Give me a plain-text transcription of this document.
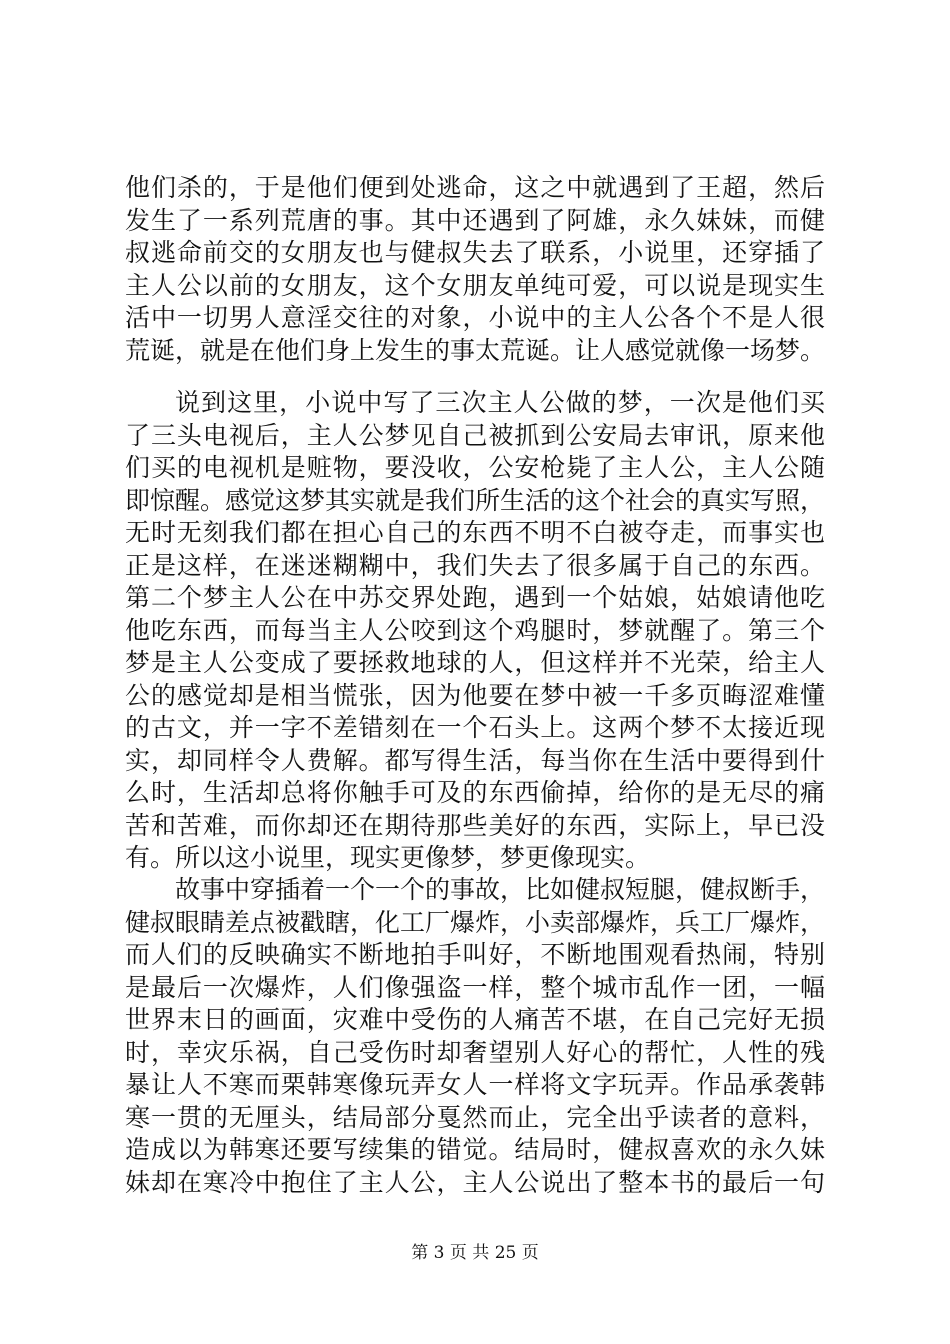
他们杀的，于是他们便到处逃命，这之中就遇到了王超，然后
发生了一系列荒唐的事。其中还遇到了阿雄，永久妹妹，而健
叔逃命前交的女朋友也与健叔失去了联系，小说里，还穿插了
主人公以前的女朋友，这个女朋友单纯可爱，可以说是现实生
活中一切男人意淫交往的对象，小说中的主人公各个不是人很
荒诞，就是在他们身上发生的事太荒诞。让人感觉就像一场梦。
说到这里，小说中写了三次主人公做的梦，一次是他们买
了三头电视后，主人公梦见自己被抓到公安局去审讯，原来他
们买的电视机是赃物，要没收，公安枪毙了主人公，主人公随
即惊醒。感觉这梦其实就是我们所生活的这个社会的真实写照，
无时无刻我们都在担心自己的东西不明不白被夺走，而事实也
正是这样，在迷迷糊糊中，我们失去了很多属于自己的东西。
第二个梦主人公在中苏交界处跑，遇到一个姑娘，姑娘请他吃
他吃东西，而每当主人公咬到这个鸡腿时，梦就醒了。第三个
梦是主人公变成了要拯救地球的人，但这样并不光荣，给主人
公的感觉却是相当慌张，因为他要在梦中被一千多页晦涩难懂
的古文，并一字不差错刻在一个石头上。这两个梦不太接近现
实，却同样令人费解。都写得生活，每当你在生活中要得到什
么时，生活却总将你触手可及的东西偷掉，给你的是无尽的痛
苦和苦难，而你却还在期待那些美好的东西，实际上，早已没
有。 所以这小说里，现实更像梦，梦更像现实。
故事中穿插着一个一个的事故，比如健叔短腿，健叔断手，
健叔眼睛差点被戳瞎，化工厂爆炸，小卖部爆炸，兵工厂爆炸，
而人们的反映确实不断地拍手叫好，不断地围观看热闹，特别
是最后一次爆炸，人们像强盗一样，整个城市乱作一团，一幅
世界末日的画面，灾难中受伤的人痛苦不堪，在自己完好无损
时，幸灾乐祸，自己受伤时却奢望别人好心的帮忙，人性的残
暴让人不寒而栗韩寒像玩弄女人一样将文字玩弄。作品承袭韩
寒一贯的无厘头，结局部分戛然而止，完全出乎读者的意料，
造成以为韩寒还要写续集的错觉。结局时，健叔喜欢的永久妹
妹却在寒冷中抱住了主人公，主人公说出了整本书的最后一句
第 3 页 共 25 页
